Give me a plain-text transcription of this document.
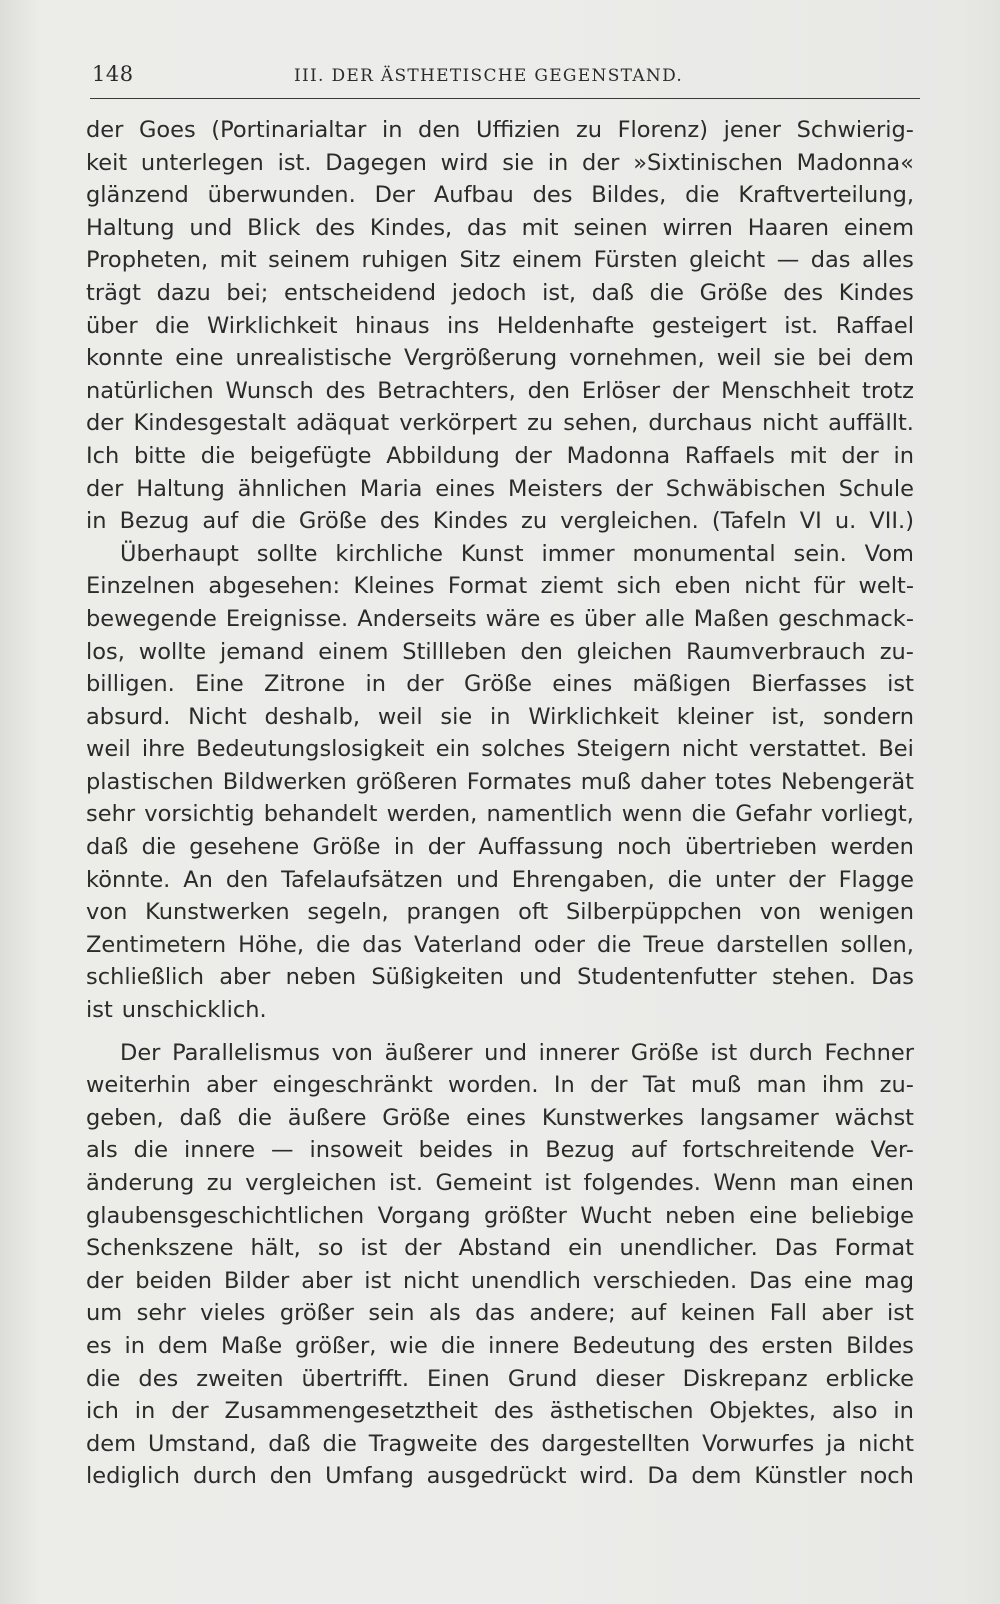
148	III. DER ÄSTHETISCHE GEGENSTAND.
der Goes (Portinarialtar in den Uffizien zu Florenz) jener Schwierig-
keit unterlegen ist. Dagegen wird sie in der »Sixtinischen Madonna«
glänzend überwunden. Der Aufbau des Bildes, die Kraftverteilung,
Haltung und Blick des Kindes, das mit seinen wirren Haaren einem
Propheten, mit seinem ruhigen Sitz einem Fürsten gleicht — das alles
trägt dazu bei; entscheidend jedoch ist, daß die Größe des Kindes
über die Wirklichkeit hinaus ins Heldenhafte gesteigert ist. Raffael
konnte eine unrealistische Vergrößerung vornehmen, weil sie bei dem
natürlichen Wunsch des Betrachters, den Erlöser der Menschheit trotz
der Kindesgestalt adäquat verkörpert zu sehen, durchaus nicht auffällt.
Ich bitte die beigefügte Abbildung der Madonna Raffaels mit der in
der Haltung ähnlichen Maria eines Meisters der Schwäbischen Schule
in Bezug auf die Größe des Kindes zu vergleichen. (Tafeln VI u. VII.)
Überhaupt sollte kirchliche Kunst immer monumental sein. Vom
Einzelnen abgesehen: Kleines Format ziemt sich eben nicht für welt-
bewegende Ereignisse. Anderseits wäre es über alle Maßen geschmack-
los, wollte jemand einem Stillleben den gleichen Raumverbrauch zu-
billigen. Eine Zitrone in der Größe eines mäßigen Bierfasses ist
absurd. Nicht deshalb, weil sie in Wirklichkeit kleiner ist, sondern
weil ihre Bedeutungslosigkeit ein solches Steigern nicht verstattet. Bei
plastischen Bildwerken größeren Formates muß daher totes Nebengerät
sehr vorsichtig behandelt werden, namentlich wenn die Gefahr vorliegt,
daß die gesehene Größe in der Auffassung noch übertrieben werden
könnte. An den Tafelaufsätzen und Ehrengaben, die unter der Flagge
von Kunstwerken segeln, prangen oft Silberpüppchen von wenigen
Zentimetern Höhe, die das Vaterland oder die Treue darstellen sollen,
schließlich aber neben Süßigkeiten und Studentenfutter stehen. Das
ist unschicklich.
Der Parallelismus von äußerer und innerer Größe ist durch Fechner
weiterhin aber eingeschränkt worden. In der Tat muß man ihm zu-
geben, daß die äußere Größe eines Kunstwerkes langsamer wächst
als die innere — insoweit beides in Bezug auf fortschreitende Ver-
änderung zu vergleichen ist. Gemeint ist folgendes. Wenn man einen
glaubensgeschichtlichen Vorgang größter Wucht neben eine beliebige
Schenkszene hält, so ist der Abstand ein unendlicher. Das Format
der beiden Bilder aber ist nicht unendlich verschieden. Das eine mag
um sehr vieles größer sein als das andere; auf keinen Fall aber ist
es in dem Maße größer, wie die innere Bedeutung des ersten Bildes
die des zweiten übertrifft. Einen Grund dieser Diskrepanz erblicke
ich in der Zusammengesetztheit des ästhetischen Objektes, also in
dem Umstand, daß die Tragweite des dargestellten Vorwurfes ja nicht
lediglich durch den Umfang ausgedrückt wird. Da dem Künstler noch
